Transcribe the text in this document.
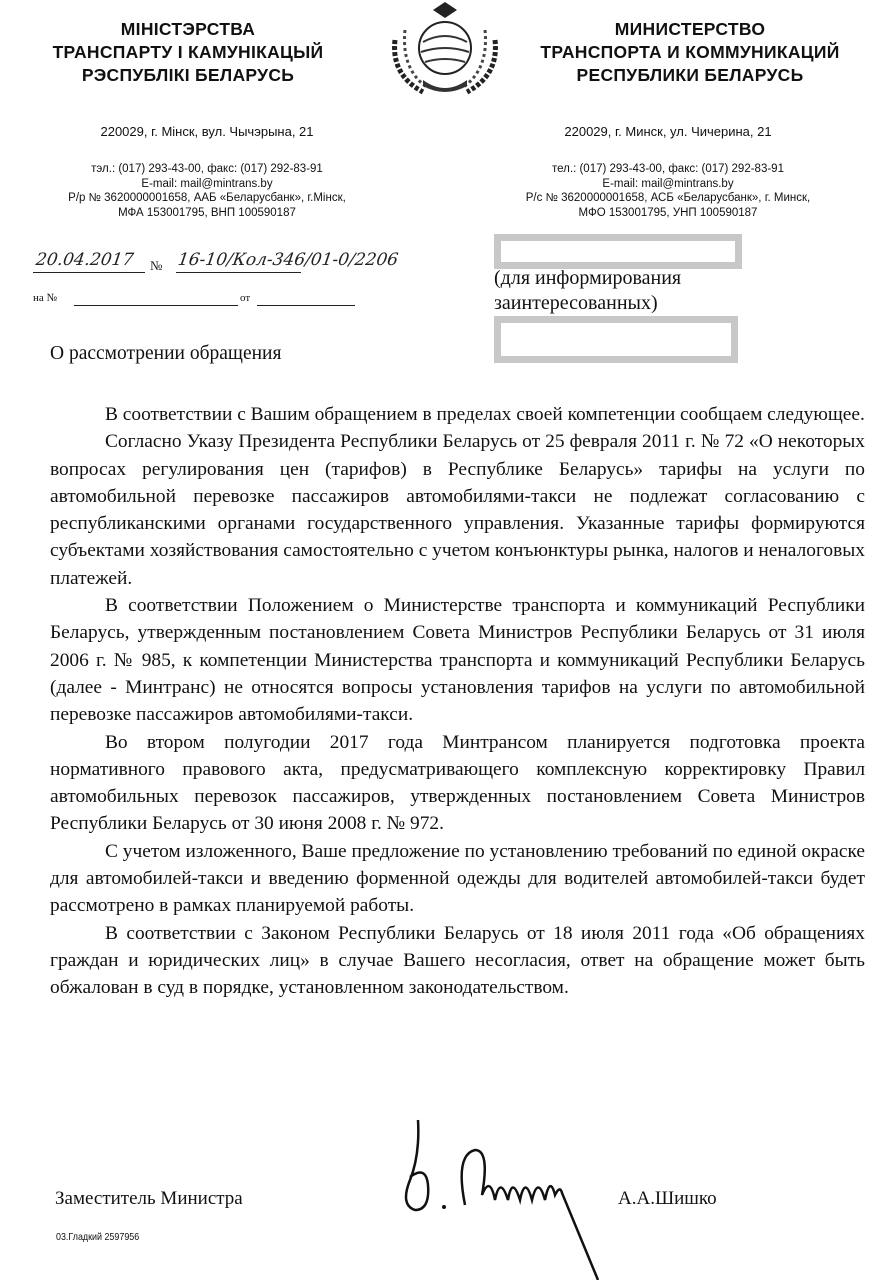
МІНІСТЭРСТВА
ТРАНСПАРТУ І КАМУНІКАЦЫЙ
РЭСПУБЛІКІ БЕЛАРУСЬ
МИНИСТЕРСТВО
ТРАНСПОРТА И КОММУНИКАЦИЙ
РЕСПУБЛИКИ БЕЛАРУСЬ
220029, г. Мінск, вул. Чычэрына, 21	220029, г. Минск, ул. Чичерина, 21
тэл.: (017) 293-43-00, факс: (017) 292-83-91
E-mail: mail@mintrans.by
Р/р № 3620000001658, ААБ «Беларусбанк», г.Мінск,
МФА 153001795, ВНП 100590187
тел.: (017) 293-43-00, факс: (017) 292-83-91
E-mail: mail@mintrans.by
Р/с № 3620000001658, АСБ «Беларусбанк», г. Минск,
МФО 153001795, УНП 100590187
20.04.2017 № 16-10/Кол-346/01-0/2206
на №	от
(для информирования
заинтересованных)
О рассмотрении обращения

В соответствии с Вашим обращением в пределах своей компетенции сообщаем следующее.

Согласно Указу Президента Республики Беларусь от 25 февраля 2011 г. № 72 «О некоторых вопросах регулирования цен (тарифов) в Республике Беларусь» тарифы на услуги по автомобильной перевозке пассажиров автомобилями-такси не подлежат согласованию с республиканскими органами государственного управления. Указанные тарифы формируются субъектами хозяйствования самостоятельно с учетом конъюнктуры рынка, налогов и неналоговых платежей.

В соответствии Положением о Министерстве транспорта и коммуникаций Республики Беларусь, утвержденным постановлением Совета Министров Республики Беларусь от 31 июля 2006 г. № 985, к компетенции Министерства транспорта и коммуникаций Республики Беларусь (далее - Минтранс) не относятся вопросы установления тарифов на услуги по автомобильной перевозке пассажиров автомобилями-такси.

Во втором полугодии 2017 года Минтрансом планируется подготовка проекта нормативного правового акта, предусматривающего комплексную корректировку Правил автомобильных перевозок пассажиров, утвержденных постановлением Совета Министров Республики Беларусь от 30 июня 2008 г. № 972.

С учетом изложенного, Ваше предложение по установлению требований по единой окраске для автомобилей-такси и введению форменной одежды для водителей автомобилей-такси будет рассмотрено в рамках планируемой работы.

В соответствии с Законом Республики Беларусь от 18 июля 2011 года «Об обращениях граждан и юридических лиц» в случае Вашего несогласия, ответ на обращение может быть обжалован в суд в порядке, установленном законодательством.

Заместитель Министра	А.А.Шишко
03.Гладкий 2597956
